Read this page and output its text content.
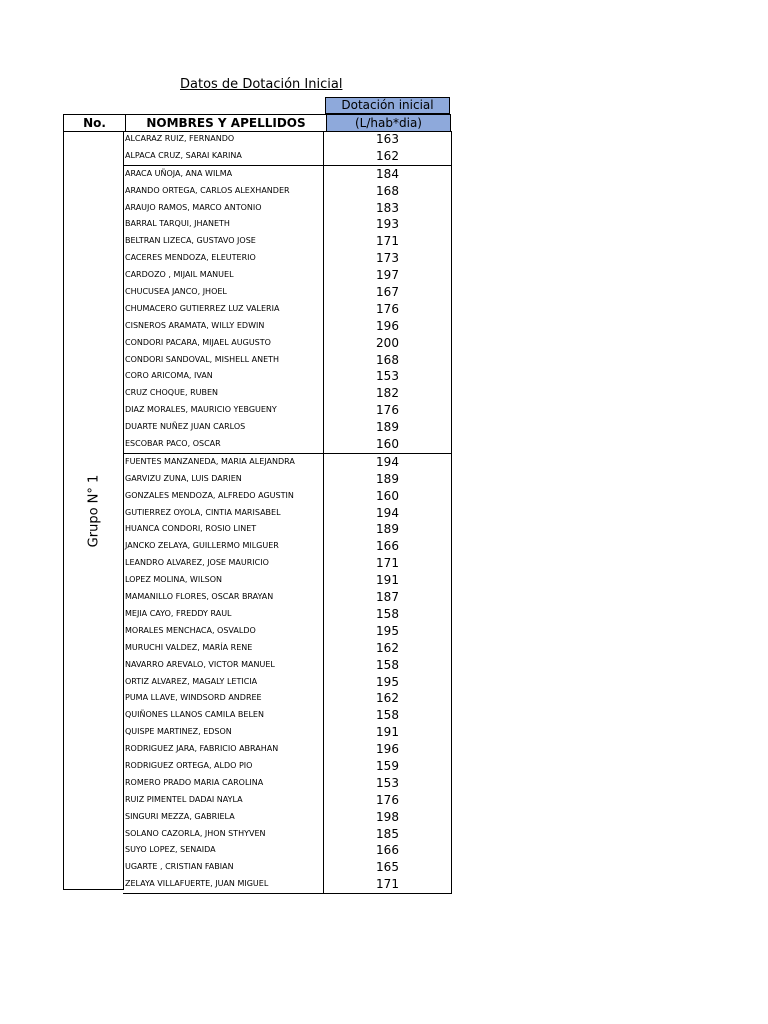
Datos de Dotación Inicial
Dotación inicial
No.	NOMBRES Y APELLIDOS	(L/hab*dia)
Grupo N° 1
ALCARAZ RUIZ, FERNANDO	163
ALPACA CRUZ, SARAI KARINA	162
ARACA UÑOJA, ANA WILMA	184
ARANDO ORTEGA, CARLOS ALEXHANDER	168
ARAUJO RAMOS, MARCO ANTONIO	183
BARRAL TARQUI, JHANETH	193
BELTRAN LIZECA, GUSTAVO JOSE	171
CACERES MENDOZA, ELEUTERIO	173
CARDOZO , MIJAIL MANUEL	197
CHUCUSEA JANCO, JHOEL	167
CHUMACERO GUTIERREZ LUZ VALERIA	176
CISNEROS ARAMATA, WILLY EDWIN	196
CONDORI PACARA, MIJAEL AUGUSTO	200
CONDORI SANDOVAL, MISHELL ANETH	168
CORO ARICOMA, IVAN	153
CRUZ CHOQUE, RUBEN	182
DIAZ MORALES, MAURICIO YEBGUENY	176
DUARTE NUÑEZ JUAN CARLOS	189
ESCOBAR PACO, OSCAR	160
FUENTES MANZANEDA, MARIA ALEJANDRA	194
GARVIZU ZUNA, LUIS DARIEN	189
GONZALES MENDOZA, ALFREDO AGUSTIN	160
GUTIERREZ OYOLA, CINTIA MARISABEL	194
HUANCA CONDORI, ROSIO LINET	189
JANCKO ZELAYA, GUILLERMO MILGUER	166
LEANDRO ALVAREZ, JOSE MAURICIO	171
LOPEZ MOLINA, WILSON	191
MAMANILLO FLORES, OSCAR BRAYAN	187
MEJIA CAYO, FREDDY RAUL	158
MORALES MENCHACA, OSVALDO	195
MURUCHI VALDEZ, MARÍA RENE	162
NAVARRO AREVALO, VICTOR MANUEL	158
ORTIZ ALVAREZ, MAGALY LETICIA	195
PUMA LLAVE, WINDSORD ANDREE	162
QUIÑONES LLANOS CAMILA BELEN	158
QUISPE MARTINEZ, EDSON	191
RODRIGUEZ JARA, FABRICIO ABRAHAN	196
RODRIGUEZ ORTEGA, ALDO PIO	159
ROMERO PRADO MARIA CAROLINA	153
RUIZ PIMENTEL DADAI NAYLA	176
SINGURI MEZZA, GABRIELA	198
SOLANO CAZORLA, JHON STHYVEN	185
SUYO LOPEZ, SENAIDA	166
UGARTE , CRISTIAN FABIAN	165
ZELAYA VILLAFUERTE, JUAN MIGUEL	171
